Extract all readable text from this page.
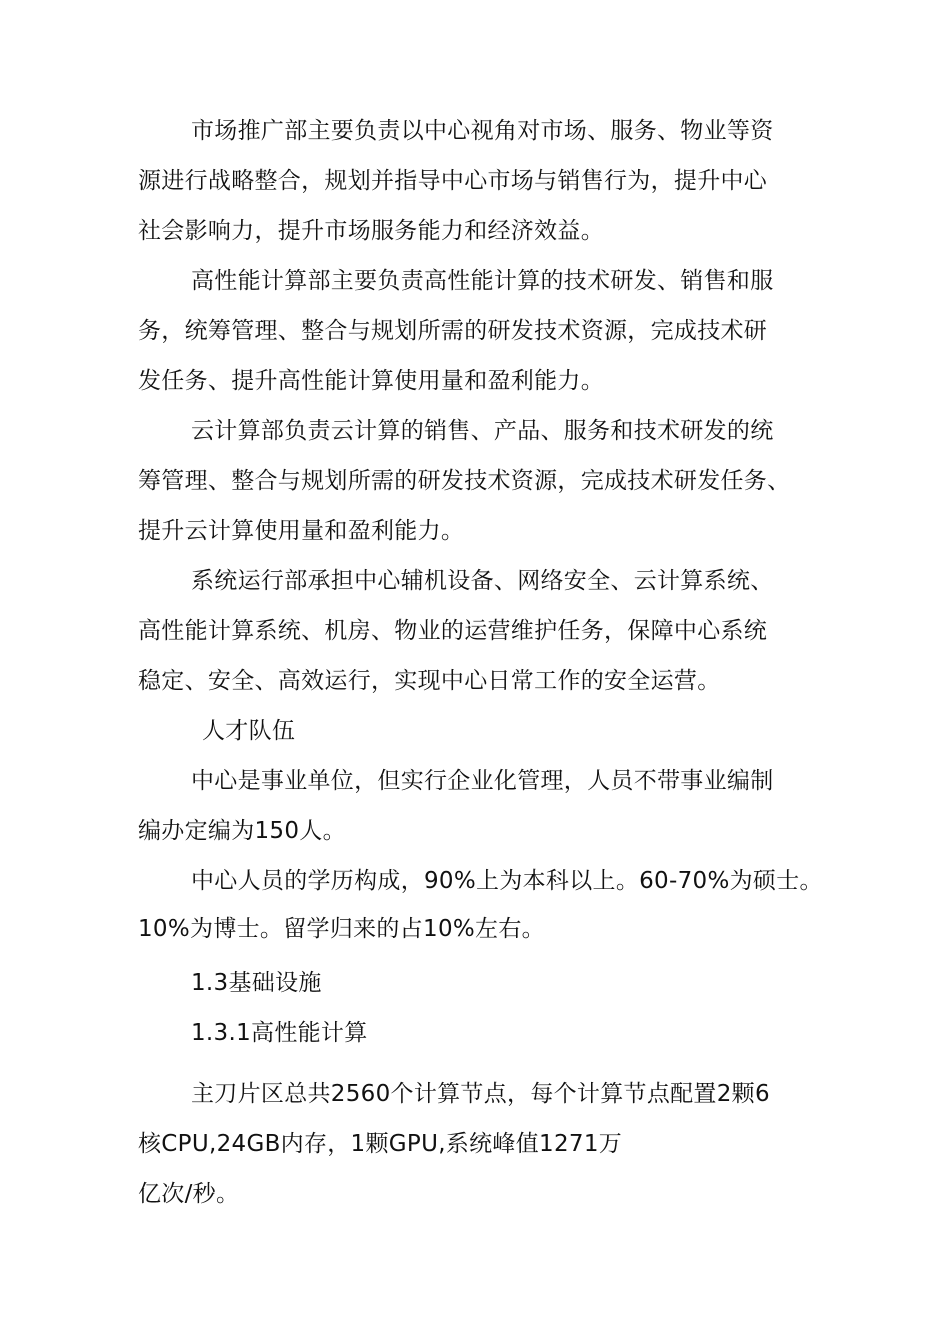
市场推广部主要负责以中心视角对市场、服务、物业等资
源进行战略整合，规划并指导中心市场与销售行为，提升中心
社会影响力，提升市场服务能力和经济效益。
高性能计算部主要负责高性能计算的技术研发、销售和服
务，统筹管理、整合与规划所需的研发技术资源，完成技术研
发任务、提升高性能计算使用量和盈利能力。
云计算部负责云计算的销售、产品、服务和技术研发的统
筹管理、整合与规划所需的研发技术资源，完成技术研发任务、
提升云计算使用量和盈利能力。
系统运行部承担中心辅机设备、网络安全、云计算系统、
高性能计算系统、机房、物业的运营维护任务，保障中心系统
稳定、安全、高效运行，实现中心日常工作的安全运营。
人才队伍
中心是事业单位，但实行企业化管理，人员不带事业编制
编办定编为150人。
中心人员的学历构成，90%上为本科以上。60-70%为硕士。
10%为博士。留学归来的占10%左右。
1.3基础设施
1.3.1高性能计算
主刀片区总共2560个计算节点，每个计算节点配置2颗6
核CPU,24GB内存，1颗GPU,系统峰值1271万
亿次/秒。
